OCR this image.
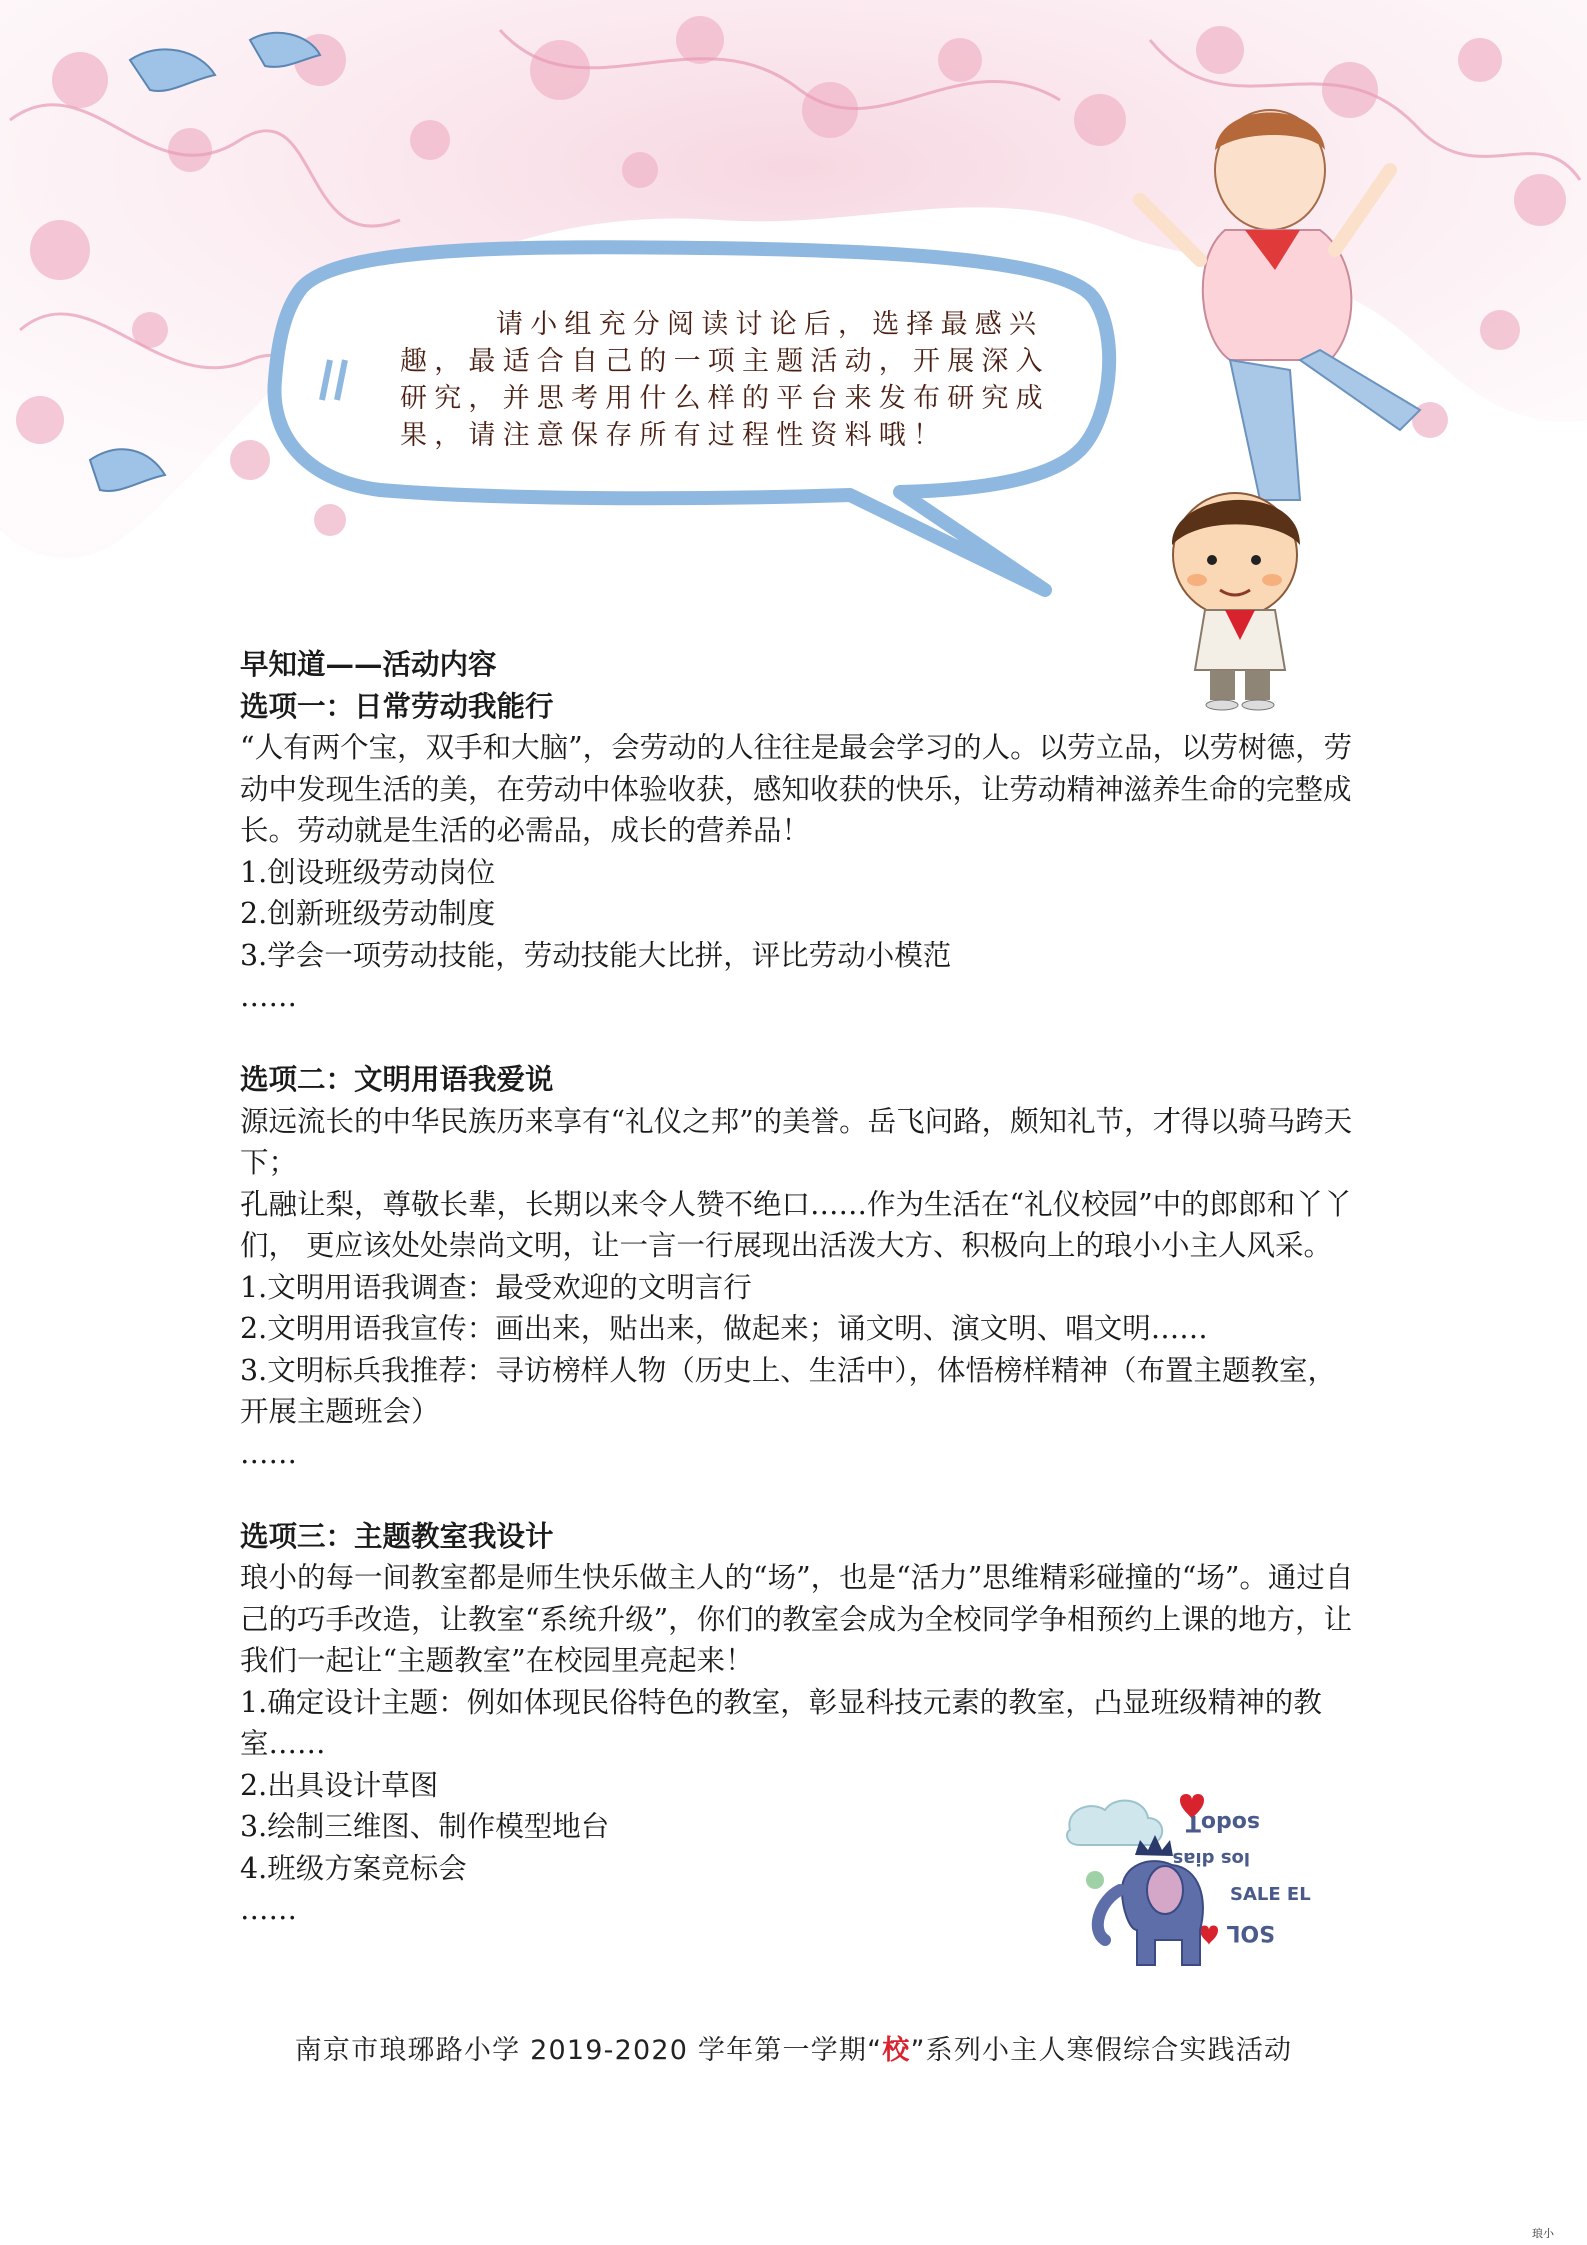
请小组充分阅读讨论后，选择最感兴趣，最适合自己的一项主题活动，开展深入研究，并思考用什么样的平台来发布研究成果，请注意保存所有过程性资料哦！

早知道——活动内容

选项一：日常劳动我能行

“人有两个宝，双手和大脑”，会劳动的人往往是最会学习的人。以劳立品，以劳树德，劳动中发现生活的美，在劳动中体验收获，感知收获的快乐，让劳动精神滋养生命的完整成长。劳动就是生活的必需品，成长的营养品！

1.创设班级劳动岗位

2.创新班级劳动制度

3.学会一项劳动技能，劳动技能大比拼，评比劳动小模范

……

选项二：文明用语我爱说

源远流长的中华民族历来享有“礼仪之邦”的美誉。岳飞问路，颇知礼节，才得以骑马跨天下；

孔融让梨，尊敬长辈，长期以来令人赞不绝口……作为生活在“礼仪校园”中的郎郎和丫丫们， 更应该处处崇尚文明，让一言一行展现出活泼大方、积极向上的琅小小主人风采。

1.文明用语我调查：最受欢迎的文明言行

2.文明用语我宣传：画出来，贴出来，做起来；诵文明、演文明、唱文明……

3.文明标兵我推荐：寻访榜样人物（历史上、生活中），体悟榜样精神（布置主题教室，开展主题班会）

……

选项三：主题教室我设计

琅小的每一间教室都是师生快乐做主人的“场”，也是“活力”思维精彩碰撞的“场”。通过自己的巧手改造，让教室“系统升级”，你们的教室会成为全校同学争相预约上课的地方，让我们一起让“主题教室”在校园里亮起来！

1.确定设计主题：例如体现民俗特色的教室，彰显科技元素的教室，凸显班级精神的教室……

2.出具设计草图

3.绘制三维图、制作模型地台

4.班级方案竞标会

……

sodoT
los dias
SALE EL
SOL
南京市琅琊路小学 2019-2020 学年第一学期“校”系列小主人寒假综合实践活动
琅小
